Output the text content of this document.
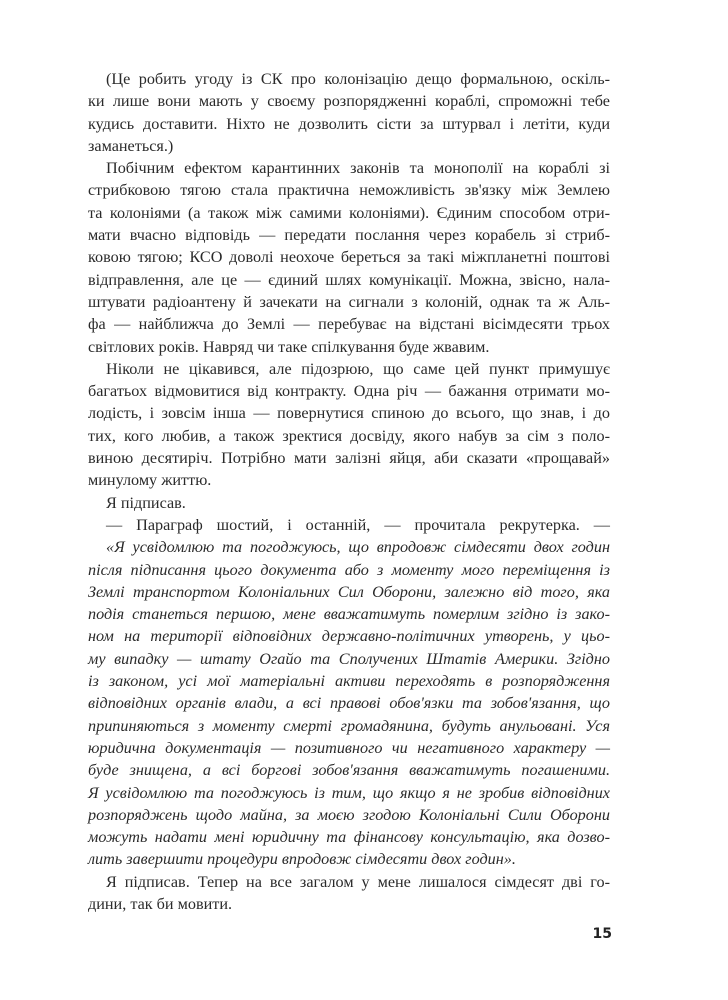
(Це робить угоду із СК про колонізацію дещо формальною, оскіль-
ки лише вони мають у своєму розпорядженні кораблі, спроможні тебе
кудись доставити. Ніхто не дозволить сісти за штурвал і летіти, куди
заманеться.)
Побічним ефектом карантинних законів та монополії на кораблі зі
стрибковою тягою стала практична неможливість зв'язку між Землею
та колоніями (а також між самими колоніями). Єдиним способом отри-
мати вчасно відповідь — передати послання через корабель зі стриб-
ковою тягою; КСО доволі неохоче береться за такі міжпланетні поштові
відправлення, але це — єдиний шлях комунікації. Можна, звісно, нала-
штувати радіоантену й зачекати на сигнали з колоній, однак та ж Аль-
фа — найближча до Землі — перебуває на відстані вісімдесяти трьох
світлових років. Навряд чи таке спілкування буде жвавим.
Ніколи не цікавився, але підозрюю, що саме цей пункт примушує
багатьох відмовитися від контракту. Одна річ — бажання отримати мо-
лодість, і зовсім інша — повернутися спиною до всього, що знав, і до
тих, кого любив, а також зректися досвіду, якого набув за сім з поло-
виною десятиріч. Потрібно мати залізні яйця, аби сказати «прощавай»
минулому життю.
Я підписав.
— Параграф шостий, і останній, — прочитала рекрутерка. —
«Я усвідомлюю та погоджуюсь, що впродовж сімдесяти двох годин
після підписання цього документа або з моменту мого переміщення із
Землі транспортом Колоніальних Сил Оборони, залежно від того, яка
подія станеться першою, мене вважатимуть померлим згідно із зако-
ном на території відповідних державно-політичних утворень, у цьо-
му випадку — штату Огайо та Сполучених Штатів Америки. Згідно
із законом, усі мої матеріальні активи переходять в розпорядження
відповідних органів влади, а всі правові обов'язки та зобов'язання, що
припиняються з моменту смерті громадянина, будуть анульовані. Уся
юридична документація — позитивного чи негативного характеру —
буде знищена, а всі боргові зобов'язання вважатимуть погашеними.
Я усвідомлюю та погоджуюсь із тим, що якщо я не зробив відповідних
розпоряджень щодо майна, за моєю згодою Колоніальні Сили Оборони
можуть надати мені юридичну та фінансову консультацію, яка дозво-
лить завершити процедури впродовж сімдесяти двох годин».
Я підписав. Тепер на все загалом у мене лишалося сімдесят дві го-
дини, так би мовити.
15
